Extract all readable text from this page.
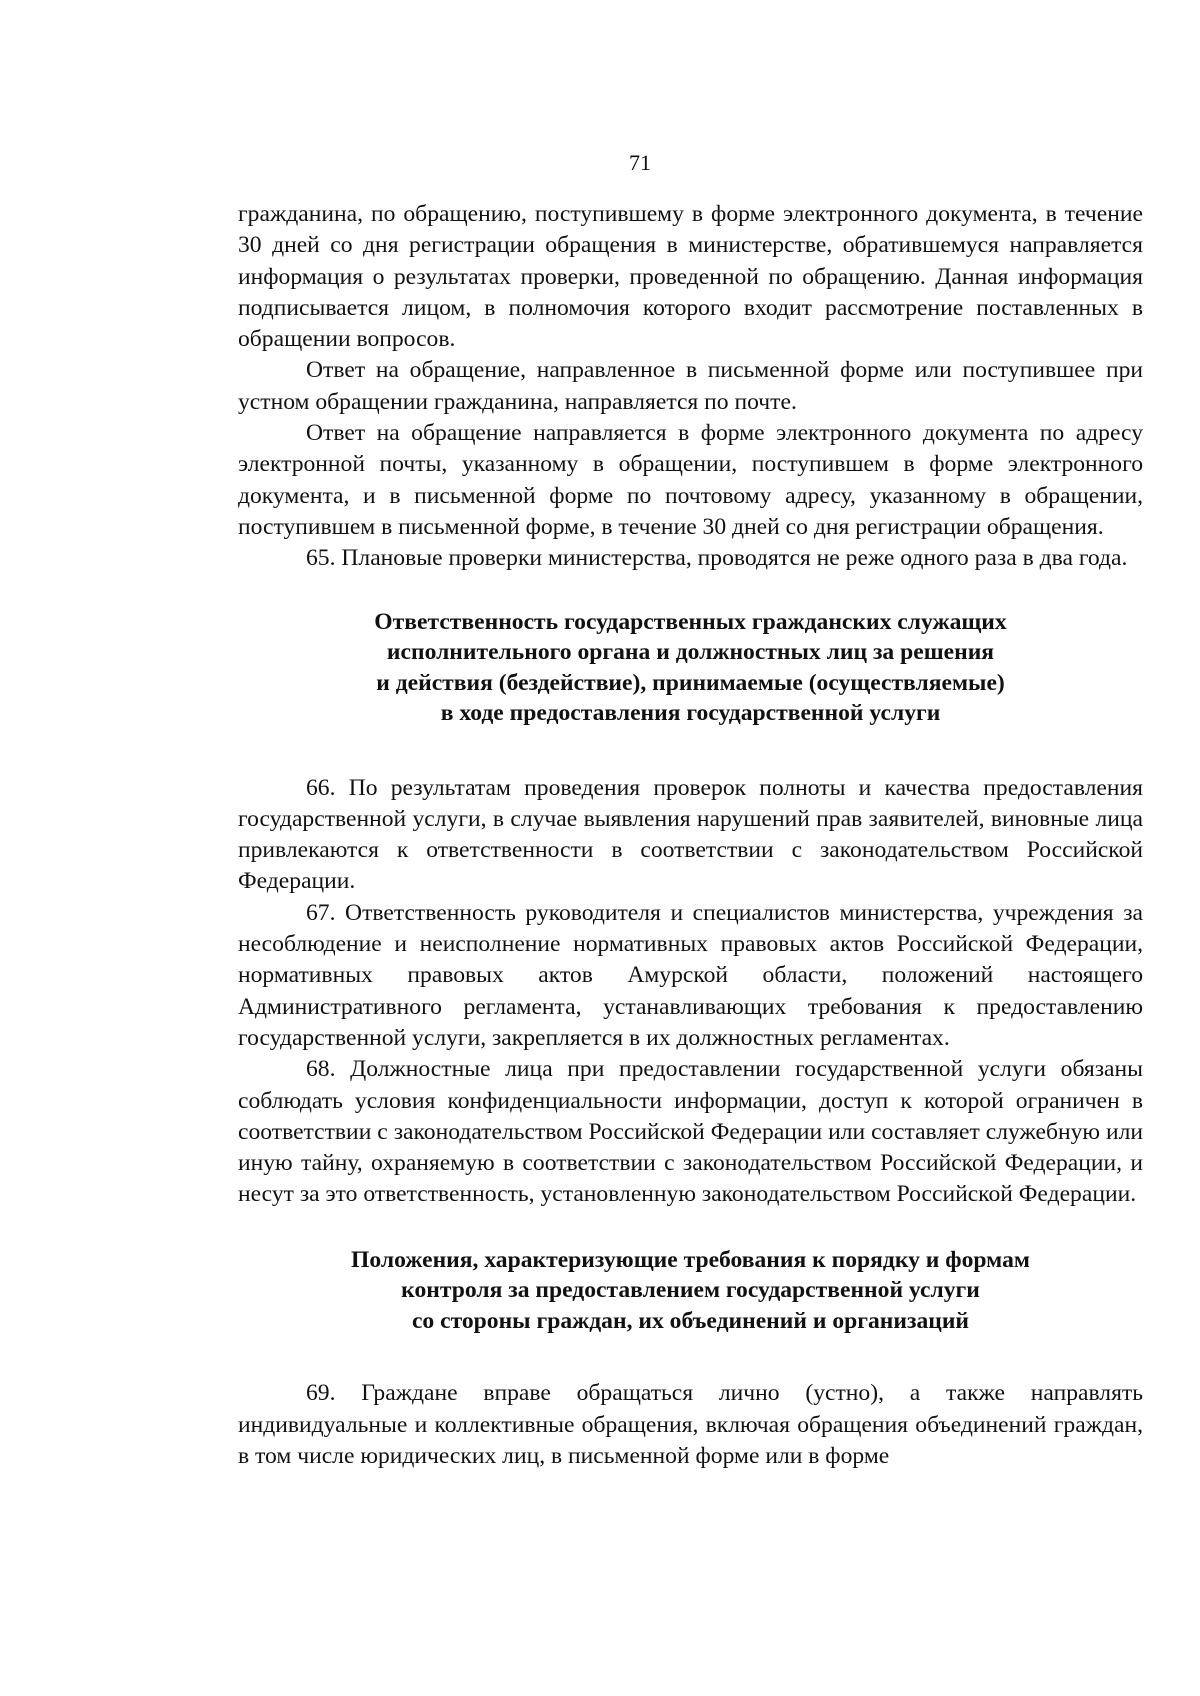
71

гражданина, по обращению, поступившему в форме электронного документа, в течение 30 дней со дня регистрации обращения в министерстве, обратившемуся направляется информация о результатах проверки, проведенной по обращению. Данная информация подписывается лицом, в полномочия которого входит рассмотрение поставленных в обращении вопросов.

Ответ на обращение, направленное в письменной форме или поступившее при устном обращении гражданина, направляется по почте.

Ответ на обращение направляется в форме электронного документа по адресу электронной почты, указанному в обращении, поступившем в форме электронного документа, и в письменной форме по почтовому адресу, указанному в обращении, поступившем в письменной форме, в течение 30 дней со дня регистрации обращения.

65. Плановые проверки министерства, проводятся не реже одного раза в два года.

Ответственность государственных гражданских служащих
исполнительного органа и должностных лиц за решения
и действия (бездействие), принимаемые (осуществляемые)
в ходе предоставления государственной услуги

66. По результатам проведения проверок полноты и качества предоставления государственной услуги, в случае выявления нарушений прав заявителей, виновные лица привлекаются к ответственности в соответствии с законодательством Российской Федерации.

67. Ответственность руководителя и специалистов министерства, учреждения за несоблюдение и неисполнение нормативных правовых актов Российской Федерации, нормативных правовых актов Амурской области, положений настоящего Административного регламента, устанавливающих требования к предоставлению государственной услуги, закрепляется в их должностных регламентах.

68. Должностные лица при предоставлении государственной услуги обязаны соблюдать условия конфиденциальности информации, доступ к которой ограничен в соответствии с законодательством Российской Федерации или составляет служебную или иную тайну, охраняемую в соответствии с законодательством Российской Федерации, и несут за это ответственность, установленную законодательством Российской Федерации.

Положения, характеризующие требования к порядку и формам
контроля за предоставлением государственной услуги
со стороны граждан, их объединений и организаций

69. Граждане вправе обращаться лично (устно), а также направлять индивидуальные и коллективные обращения, включая обращения объединений граждан, в том числе юридических лиц, в письменной форме или в форме
